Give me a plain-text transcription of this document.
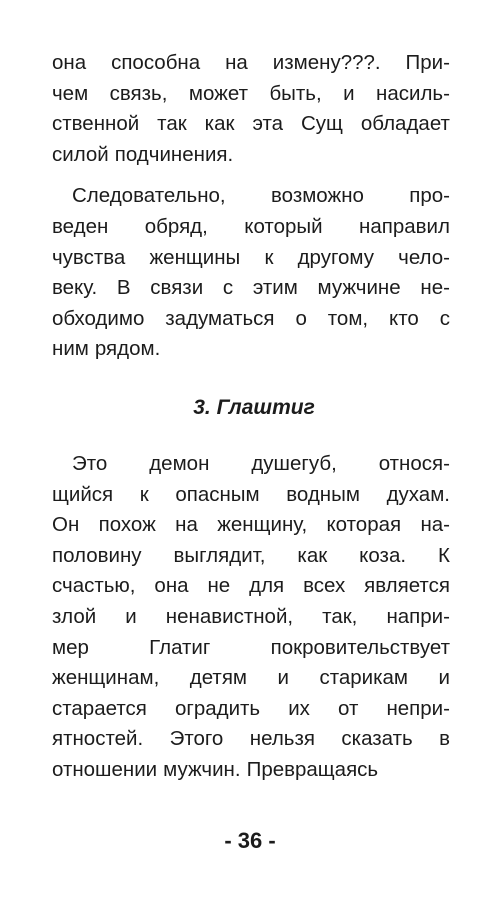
она способна на измену???. При-
чем связь, может быть, и насиль-
ственной так как эта Сущ обладает
силой подчинения.
Следовательно, возможно про-
веден обряд, который направил
чувства женщины к другому чело-
веку. В связи с этим мужчине не-
обходимо задуматься о том, кто с
ним рядом.
3. Глаштиг
Это демон душегуб, относя-
щийся к опасным водным духам.
Он похож на женщину, которая на-
половину выглядит, как коза. К
счастью, она не для всех является
злой и ненавистной, так, напри-
мер	Глатиг	покровительствует
женщинам, детям и старикам и
старается оградить их от непри-
ятностей. Этого нельзя сказать в
отношении мужчин. Превращаясь
- 36 -
